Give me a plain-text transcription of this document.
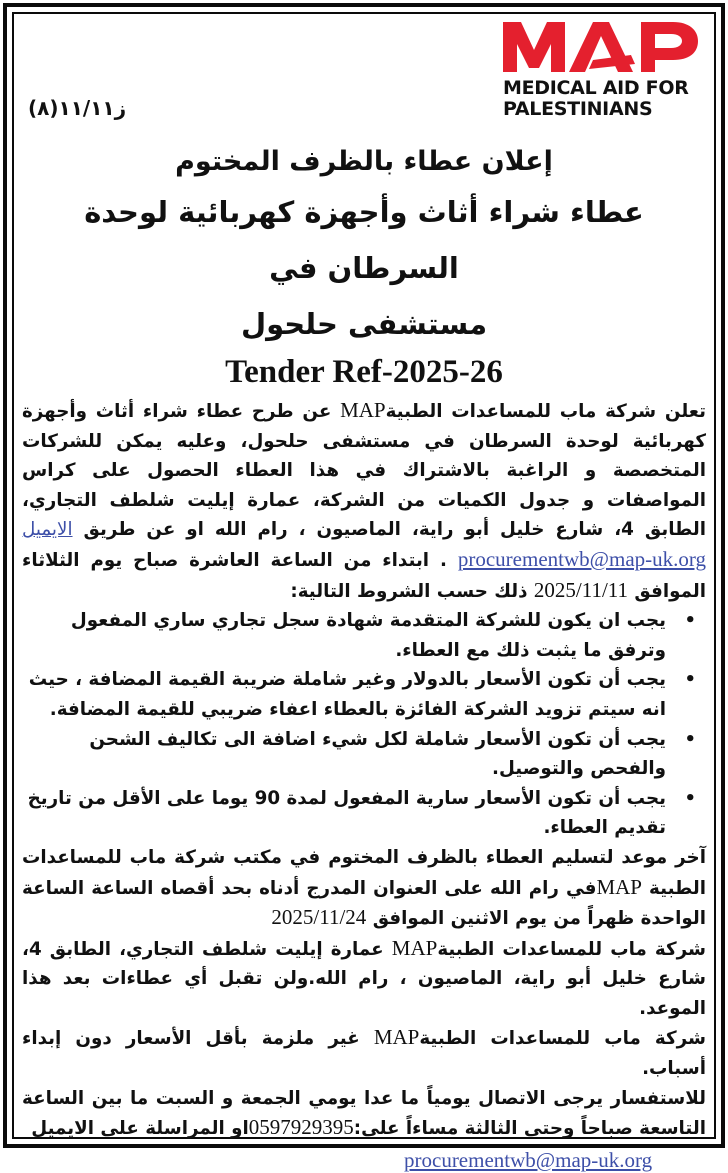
MEDICAL AID FOR
PALESTINIANS
ز١١/١١(٨)
إعلان عطاء بالظرف المختوم
عطاء شراء أثاث وأجهزة كهربائية لوحدة السرطان في
مستشفى حلحول
Tender Ref-2025-26
تعلن شركة ماب للمساعدات الطبيةMAP عن طرح عطاء شراء أثاث وأجهزة كهربائية لوحدة السرطان في مستشفى حلحول، وعليه يمكن للشركات المتخصصة و الراغبة بالاشتراك في هذا العطاء الحصول على كراس المواصفات و جدول الكميات من الشركة، عمارة إيليت شلطف التجاري، الطابق 4، شارع خليل أبو راية، الماصيون ، رام الله او عن طريق الايميل procurementwb@map-uk.org . ابتداء من الساعة العاشرة صباح يوم الثلاثاء الموافق 2025/11/11 ذلك حسب الشروط التالية:
•
يجب ان يكون للشركة المتقدمة شهادة سجل تجاري ساري المفعول وترفق ما يثبت ذلك مع العطاء.
•
يجب أن تكون الأسعار بالدولار وغير شاملة ضريبة القيمة المضافة ، حيث انه سيتم تزويد الشركة الفائزة بالعطاء اعفاء ضريبي للقيمة المضافة.
•
يجب أن تكون الأسعار شاملة لكل شيء اضافة الى تكاليف الشحن والفحص والتوصيل.
•
يجب أن تكون الأسعار سارية المفعول لمدة 90 يوما على الأقل من تاريخ تقديم العطاء.
آخر موعد لتسليم العطاء بالظرف المختوم في مكتب شركة ماب للمساعدات الطبية MAPفي رام الله على العنوان المدرج أدناه بحد أقصاه الساعة الساعة الواحدة ظهراً من يوم الاثنين الموافق 2025/11/24
شركة ماب للمساعدات الطبيةMAP عمارة إيليت شلطف التجاري، الطابق 4، شارع خليل أبو راية، الماصيون ، رام الله.ولن تقبل أي عطاءات بعد هذا الموعد.
شركة ماب للمساعدات الطبيةMAP غير ملزمة بأقل الأسعار دون إبداء أسباب.
للاستفسار يرجى الاتصال يومياً ما عدا يومي الجمعة و السبت ما بين الساعة التاسعة صباحاً وحتى الثالثة مساءاً على:0597929395او المراسلة على الايميل
procurementwb@map-uk.org
